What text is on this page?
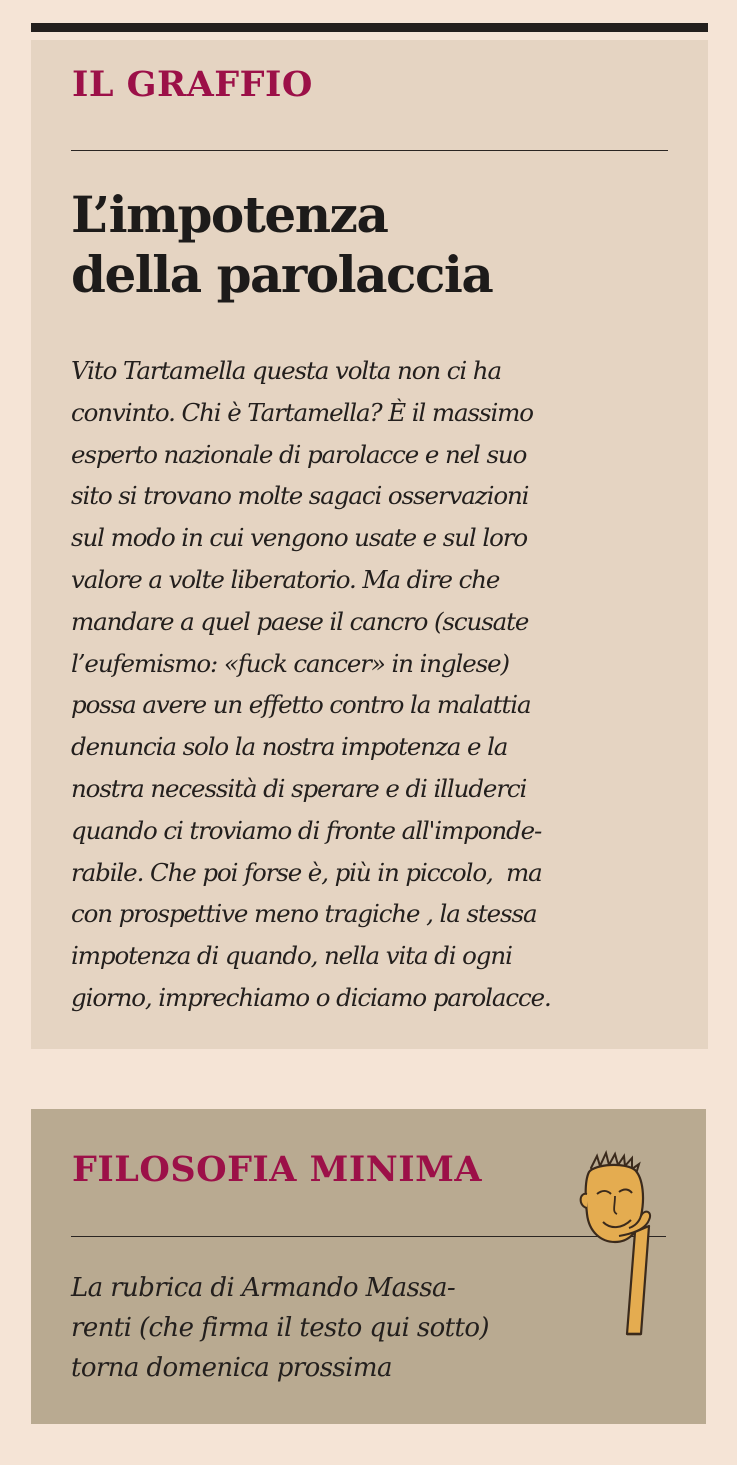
IL GRAFFIO
L’impotenza
della parolaccia

Vito Tartamella questa volta non ci ha
convinto. Chi è Tartamella? È il massimo
esperto nazionale di parolacce e nel suo
sito si trovano molte sagaci osservazioni
sul modo in cui vengono usate e sul loro
valore a volte liberatorio. Ma dire che
mandare a quel paese il cancro (scusate
l’eufemismo: «fuck cancer» in inglese)
possa avere un effetto contro la malattia
denuncia solo la nostra impotenza e la
nostra necessità di sperare e di illuderci
quando ci troviamo di fronte all'imponde-
rabile. Che poi forse è, più in piccolo,  ma
con prospettive meno tragiche , la stessa
impotenza di quando, nella vita di ogni
giorno, imprechiamo o diciamo parolacce.

FILOSOFIA MINIMA

La rubrica di Armando Massa-
renti (che firma il testo qui sotto)
torna domenica prossima
